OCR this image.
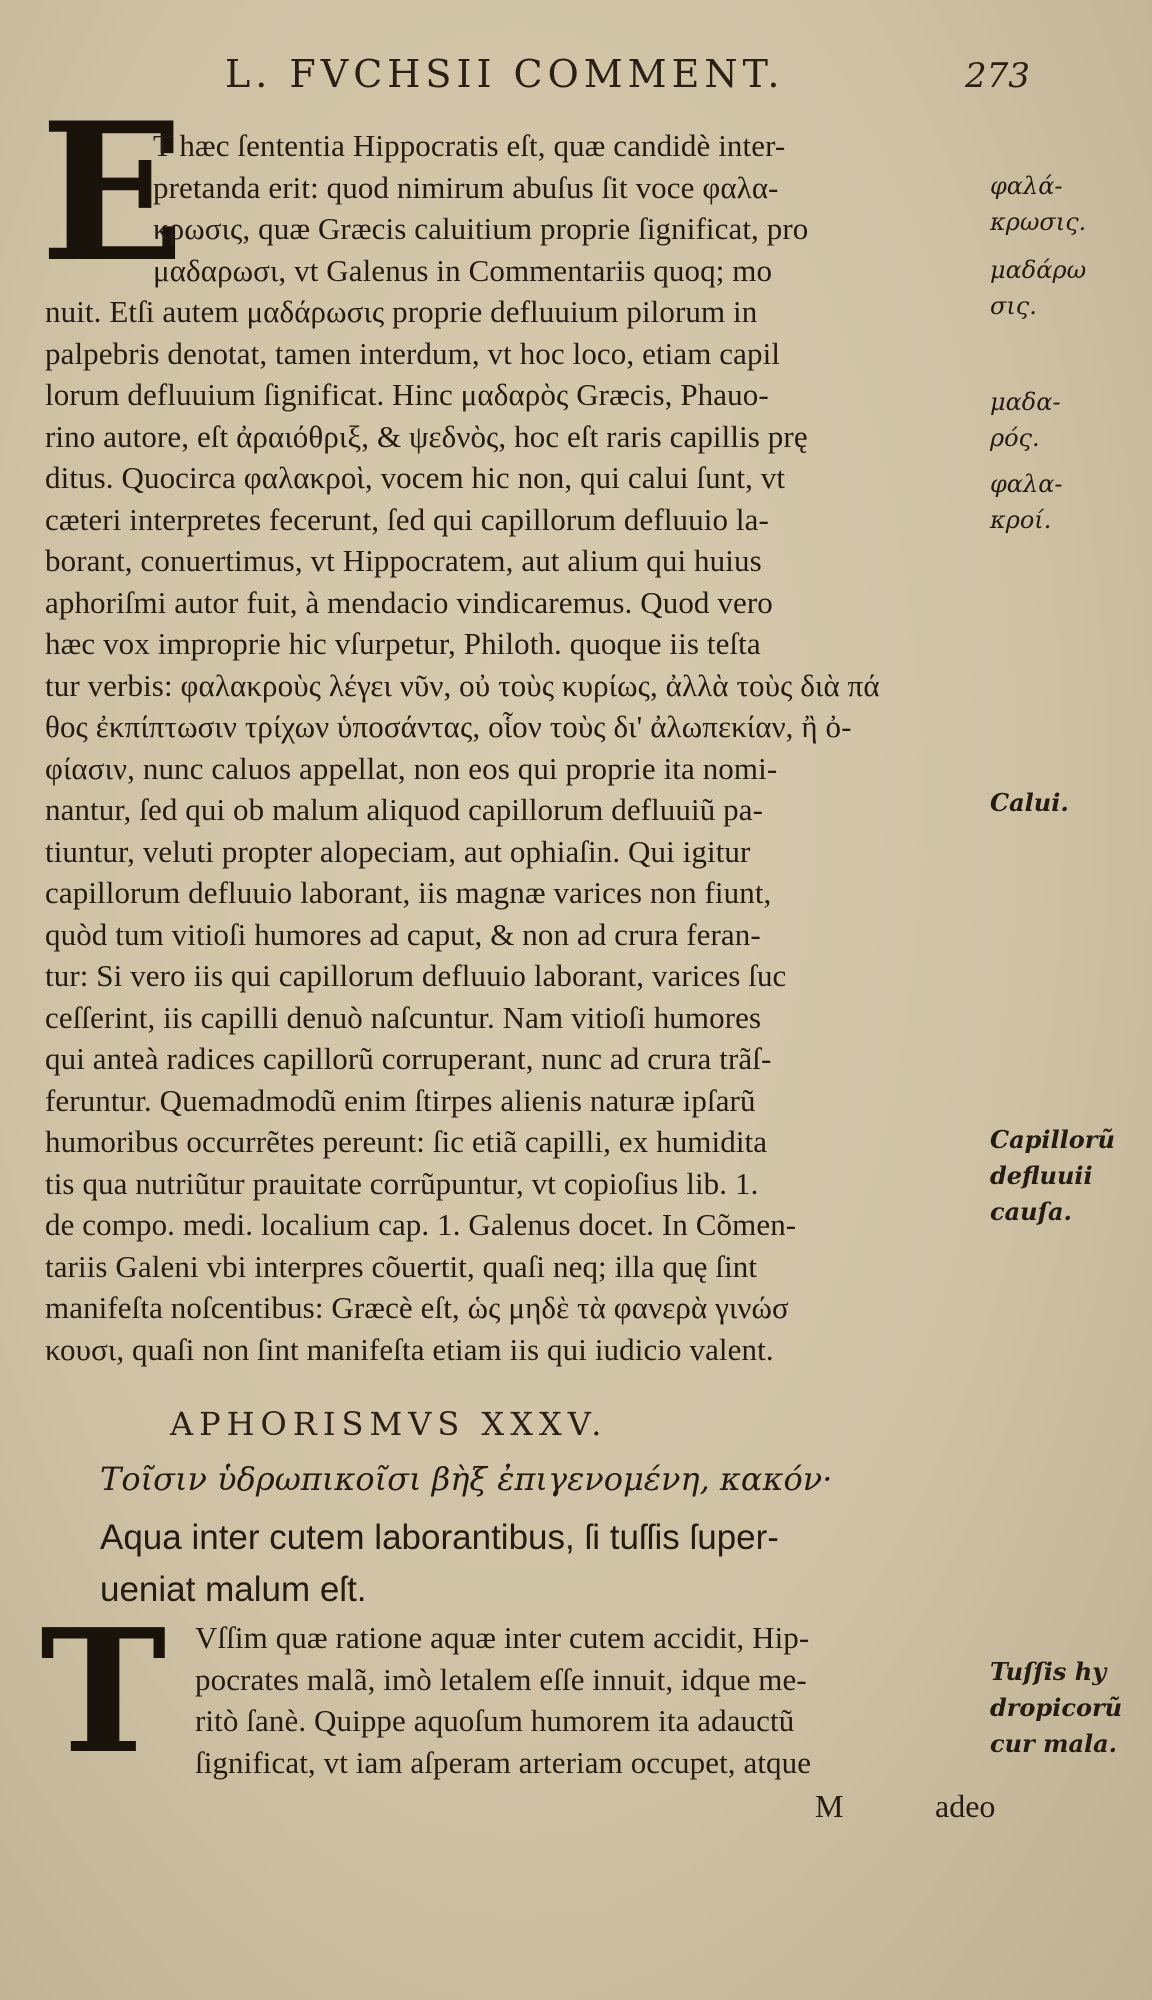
L. FVCHSII COMMENT.	273
E
T hæc ſententia Hippocratis eſt, quæ candidè inter-
pretanda erit: quod nimirum abuſus ſit voce φαλα-
κρωσις, quæ Græcis caluitium proprie ſignificat, pro
μαδαρωσι, vt Galenus in Commentariis quoq; mo
nuit. Etſi autem μαδάρωσις proprie defluuium pilorum in
palpebris denotat, tamen interdum, vt hoc loco, etiam capil
lorum defluuium ſignificat. Hinc μαδαρὸς Græcis, Phauo-
rino autore, eſt ἀραιόθριξ, & ψεδνὸς, hoc eſt raris capillis prę
ditus. Quocirca φαλακροὶ, vocem hic non, qui calui ſunt, vt
cæteri interpretes fecerunt, ſed qui capillorum defluuio la-
borant, conuertimus, vt Hippocratem, aut alium qui huius
aphoriſmi autor fuit, à mendacio vindicaremus. Quod vero
hæc vox improprie hic vſurpetur, Philoth. quoque iis teſta
tur verbis: φαλακροὺς λέγει νῦν, οὐ τοὺς κυρίως, ἀλλὰ τοὺς διὰ πά
θος ἐκπίπτωσιν τρίχων ὑποσάντας, οἷον τοὺς δι' ἀλωπεκίαν, ἢ ὀ-
φίασιν, nunc caluos appellat, non eos qui proprie ita nomi-
nantur, ſed qui ob malum aliquod capillorum defluuiũ pa-
tiuntur, veluti propter alopeciam, aut ophiaſin. Qui igitur
capillorum defluuio laborant, iis magnæ varices non fiunt,
quòd tum vitioſi humores ad caput, & non ad crura feran-
tur: Si vero iis qui capillorum defluuio laborant, varices ſuc
ceſſerint, iis capilli denuò naſcuntur. Nam vitioſi humores
qui anteà radices capillorũ corruperant, nunc ad crura trãſ-
feruntur. Quemadmodũ enim ſtirpes alienis naturæ ipſarũ
humoribus occurrẽtes pereunt: ſic etiã capilli, ex humidita
tis qua nutriũtur prauitate corrũpuntur, vt copioſius lib. 1.
de compo. medi. localium cap. 1. Galenus docet. In Cõmen-
tariis Galeni vbi interpres cõuertit, quaſi neq; illa quę ſint
manifeſta noſcentibus: Græcè eſt, ὡς μηδὲ τὰ φανερὰ γινώσ
κουσι, quaſi non ſint manifeſta etiam iis qui iudicio valent.
APHORISMVS XXXV.
Τοῖσιν ὑδρωπικοῖσι βὴξ ἐπιγενομένη, κακόν·
Aqua inter cutem laborantibus, ſi tuſſis ſuper-
ueniat malum eſt.
T Vſſim quæ ratione aquæ inter cutem accidit, Hip-
pocrates malã, imò letalem eſſe innuit, idque me-
ritò ſanè. Quippe aquoſum humorem ita adauctũ
ſignificat, vt iam aſperam arteriam occupet, atque
M	adeo
φαλά-
κρωσις.
μαδάρω
σις.
μαδα-
ρός.
φαλα-
κροί.
Calui.
Capillorũ
defluuii
cauſa.
Tuſſis hy
dropicorũ
cur mala.
